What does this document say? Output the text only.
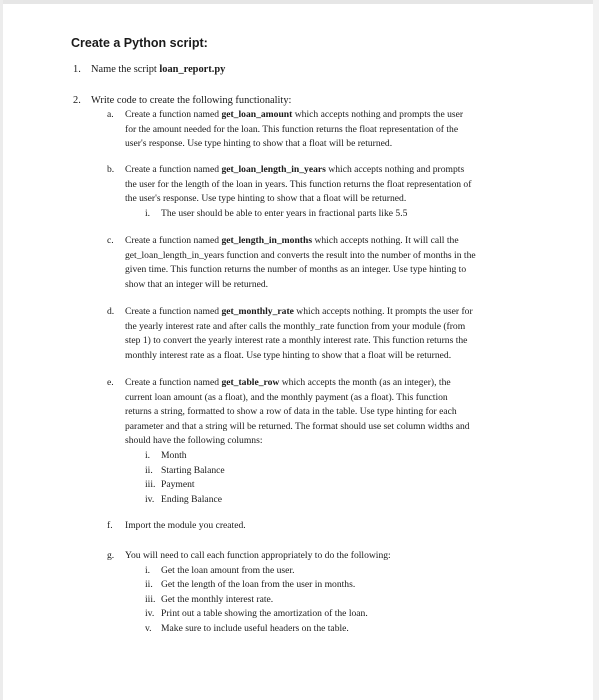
Create a Python script:
1. Name the script loan_report.py
2. Write code to create the following functionality:
a. Create a function named get_loan_amount which accepts nothing and prompts the user
for the amount needed for the loan. This function returns the float representation of the
user's response. Use type hinting to show that a float will be returned.
b. Create a function named get_loan_length_in_years which accepts nothing and prompts
the user for the length of the loan in years. This function returns the float representation of
the user's response. Use type hinting to show that a float will be returned.
i. The user should be able to enter years in fractional parts like 5.5
c. Create a function named get_length_in_months which accepts nothing. It will call the
get_loan_length_in_years function and converts the result into the number of months in the
given time. This function returns the number of months as an integer. Use type hinting to
show that an integer will be returned.
d. Create a function named get_monthly_rate which accepts nothing. It prompts the user for
the yearly interest rate and after calls the monthly_rate function from your module (from
step 1) to convert the yearly interest rate a monthly interest rate. This function returns the
monthly interest rate as a float. Use type hinting to show that a float will be returned.
e. Create a function named get_table_row which accepts the month (as an integer), the
current loan amount (as a float), and the monthly payment (as a float). This function
returns a string, formatted to show a row of data in the table. Use type hinting for each
parameter and that a string will be returned. The format should use set column widths and
should have the following columns:
i. Month
ii. Starting Balance
iii. Payment
iv. Ending Balance
f. Import the module you created.
g. You will need to call each function appropriately to do the following:
i. Get the loan amount from the user.
ii. Get the length of the loan from the user in months.
iii. Get the monthly interest rate.
iv. Print out a table showing the amortization of the loan.
v. Make sure to include useful headers on the table.
